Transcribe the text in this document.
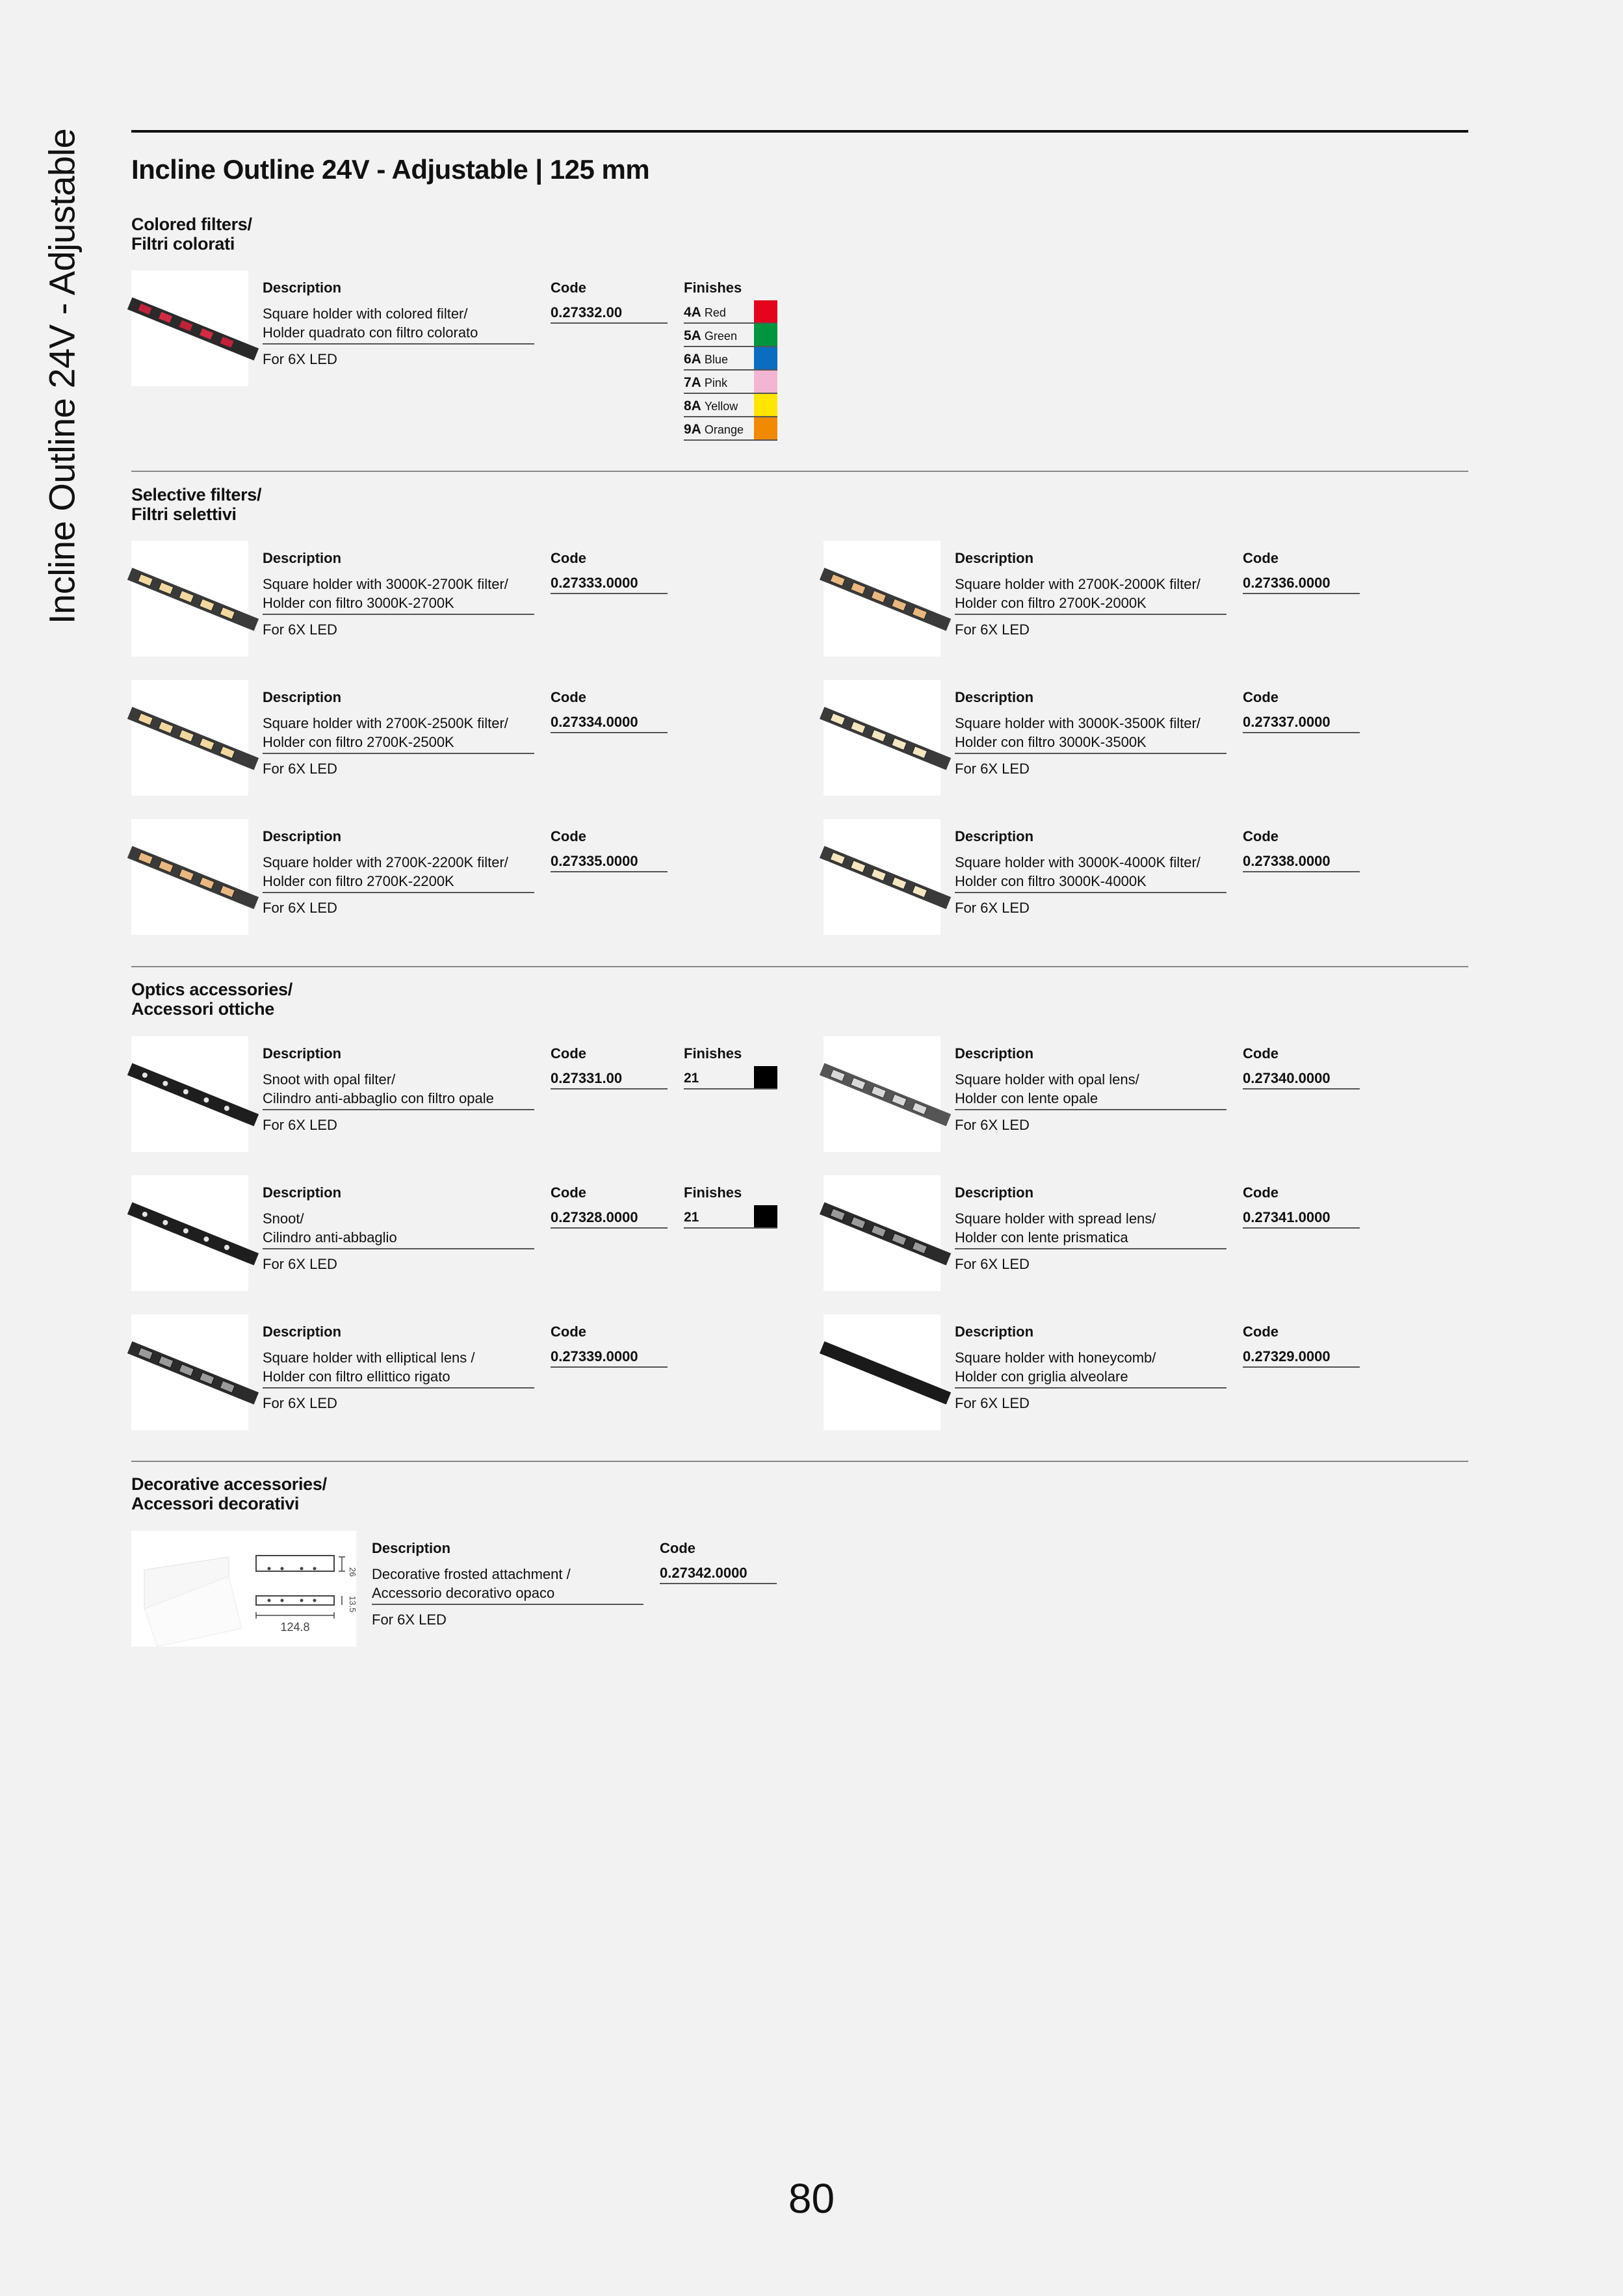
Incline Outline 24V - Adjustable Incline Outline 24V - Adjustable | 125 mm
Colored filters/
Filtri colorati
Description
Square holder with colored filter/
Holder quadrato con filtro colorato
For 6X LED
Code
0.27332.00
Finishes
4A Red
5A Green
6A Blue
7A Pink
8A Yellow
9A Orange
Selective filters/
Filtri selettivi
Description
Square holder with 3000K-2700K filter/
Holder con filtro 3000K-2700K
For 6X LED
Code
0.27333.0000
Description
Square holder with 2700K-2000K filter/
Holder con filtro 2700K-2000K
For 6X LED
Code
0.27336.0000
Description
Square holder with 2700K-2500K filter/
Holder con filtro 2700K-2500K
For 6X LED
Code
0.27334.0000
Description
Square holder with 3000K-3500K filter/
Holder con filtro 3000K-3500K
For 6X LED
Code
0.27337.0000
Description
Square holder with 2700K-2200K filter/
Holder con filtro 2700K-2200K
For 6X LED
Code
0.27335.0000
Description
Square holder with 3000K-4000K filter/
Holder con filtro 3000K-4000K
For 6X LED
Code
0.27338.0000
Optics accessories/
Accessori ottiche
Description
Snoot with opal filter/
Cilindro anti-abbaglio con filtro opale
For 6X LED
Code
0.27331.00
Finishes
21
Description
Square holder with opal lens/
Holder con lente opale
For 6X LED
Code
0.27340.0000
Description
Snoot/
Cilindro anti-abbaglio
For 6X LED
Code
0.27328.0000
Finishes
21
Description
Square holder with spread lens/
Holder con lente prismatica
For 6X LED
Code
0.27341.0000
Description
Square holder with elliptical lens /
Holder con filtro ellittico rigato
For 6X LED
Code
0.27339.0000
Description
Square holder with honeycomb/
Holder con griglia alveolare
For 6X LED
Code
0.27329.0000
Decorative accessories/
Accessori decorativi
124.8
26
13.5
Description
Decorative frosted attachment /
Accessorio decorativo opaco
For 6X LED
Code
0.27342.0000
80
